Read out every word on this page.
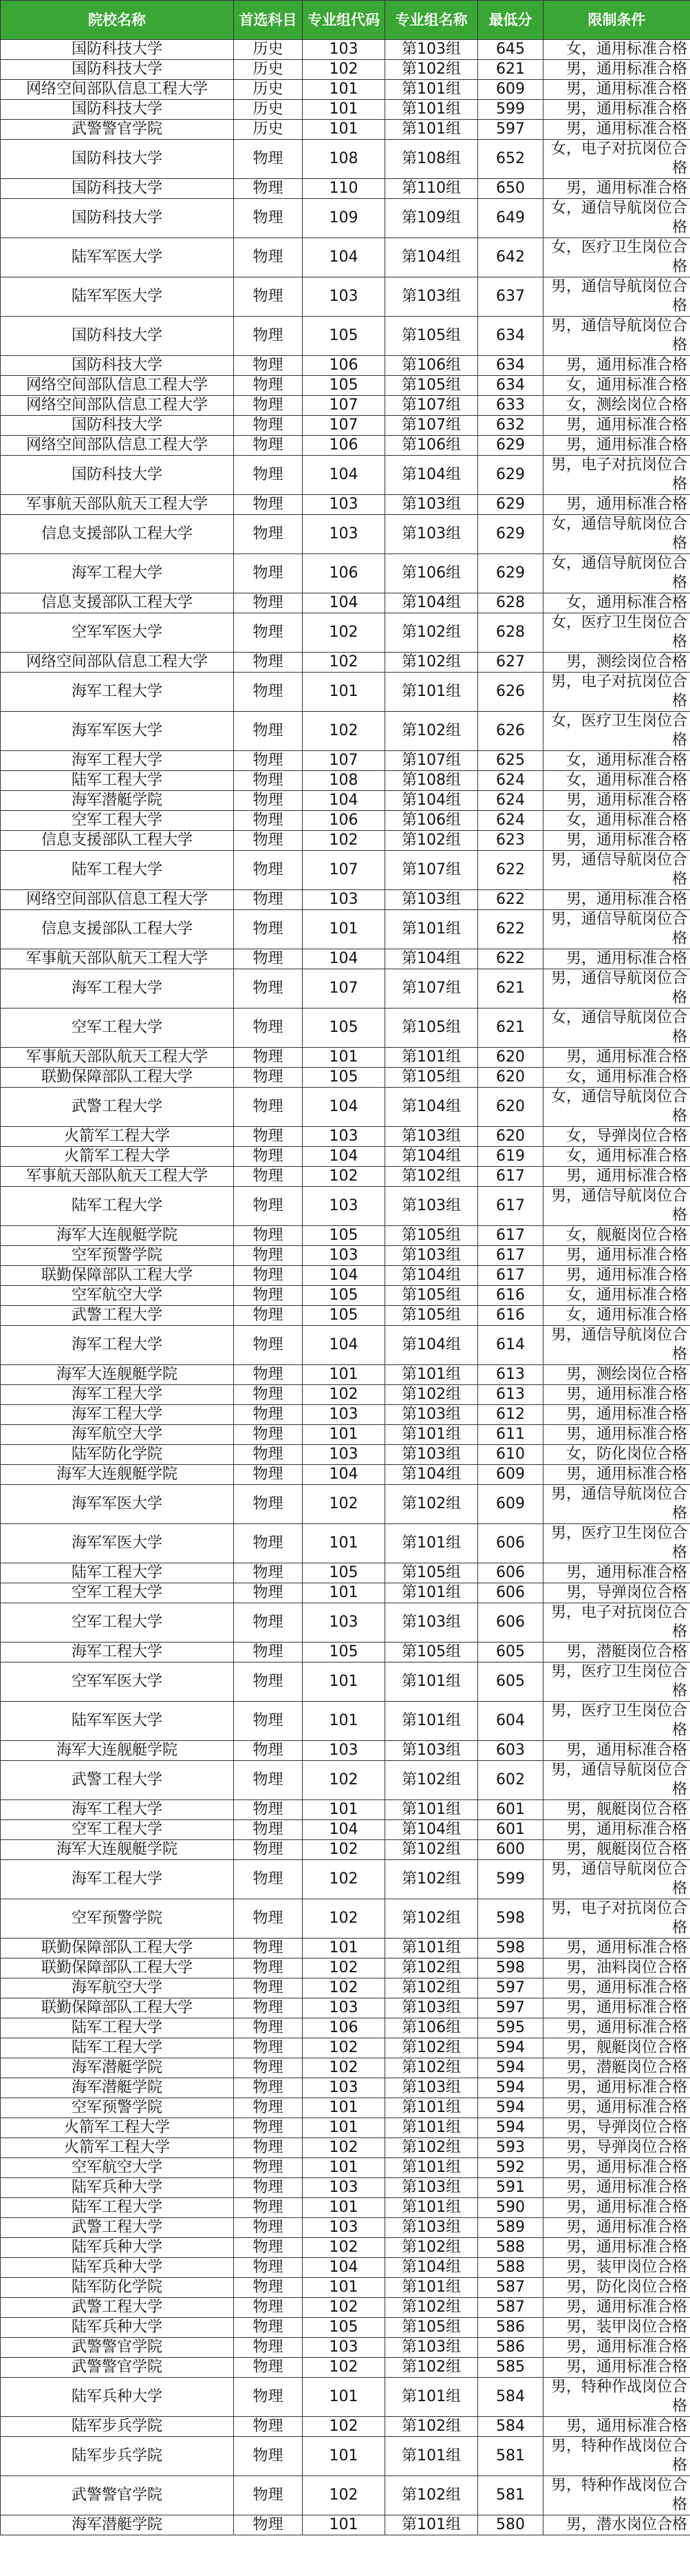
院校名称	首选科目	专业组代码	专业组名称	最低分	限制条件
国防科技大学	历史	103	第103组	645	女，通用标准合格
国防科技大学	历史	102	第102组	621	男，通用标准合格
网络空间部队信息工程大学	历史	101	第101组	609	男，通用标准合格
国防科技大学	历史	101	第101组	599	男，通用标准合格
武警警官学院	历史	101	第101组	597	男，通用标准合格
国防科技大学	物理	108	第108组	652	女，电子对抗岗位合格
国防科技大学	物理	110	第110组	650	男，通用标准合格
国防科技大学	物理	109	第109组	649	女，通信导航岗位合格
陆军军医大学	物理	104	第104组	642	女，医疗卫生岗位合格
陆军军医大学	物理	103	第103组	637	男，通信导航岗位合格
国防科技大学	物理	105	第105组	634	男，通信导航岗位合格
国防科技大学	物理	106	第106组	634	男，通用标准合格
网络空间部队信息工程大学	物理	105	第105组	634	女，通用标准合格
网络空间部队信息工程大学	物理	107	第107组	633	女，测绘岗位合格
国防科技大学	物理	107	第107组	632	男，通用标准合格
网络空间部队信息工程大学	物理	106	第106组	629	男，通用标准合格
国防科技大学	物理	104	第104组	629	男，电子对抗岗位合格
军事航天部队航天工程大学	物理	103	第103组	629	男，通用标准合格
信息支援部队工程大学	物理	103	第103组	629	女，通信导航岗位合格
海军工程大学	物理	106	第106组	629	女，通信导航岗位合格
信息支援部队工程大学	物理	104	第104组	628	女，通用标准合格
空军军医大学	物理	102	第102组	628	女，医疗卫生岗位合格
网络空间部队信息工程大学	物理	102	第102组	627	男，测绘岗位合格
海军工程大学	物理	101	第101组	626	男，电子对抗岗位合格
海军军医大学	物理	102	第102组	626	女，医疗卫生岗位合格
海军工程大学	物理	107	第107组	625	女，通用标准合格
陆军工程大学	物理	108	第108组	624	女，通用标准合格
海军潜艇学院	物理	104	第104组	624	男，通用标准合格
空军工程大学	物理	106	第106组	624	女，通用标准合格
信息支援部队工程大学	物理	102	第102组	623	男，通用标准合格
陆军工程大学	物理	107	第107组	622	男，通信导航岗位合格
网络空间部队信息工程大学	物理	103	第103组	622	男，通用标准合格
信息支援部队工程大学	物理	101	第101组	622	男，通信导航岗位合格
军事航天部队航天工程大学	物理	104	第104组	622	男，通用标准合格
海军工程大学	物理	107	第107组	621	男，通信导航岗位合格
空军工程大学	物理	105	第105组	621	女，通信导航岗位合格
军事航天部队航天工程大学	物理	101	第101组	620	男，通用标准合格
联勤保障部队工程大学	物理	105	第105组	620	女，通用标准合格
武警工程大学	物理	104	第104组	620	女，通信导航岗位合格
火箭军工程大学	物理	103	第103组	620	女，导弹岗位合格
火箭军工程大学	物理	104	第104组	619	女，通用标准合格
军事航天部队航天工程大学	物理	102	第102组	617	男，通用标准合格
陆军工程大学	物理	103	第103组	617	男，通信导航岗位合格
海军大连舰艇学院	物理	105	第105组	617	女，舰艇岗位合格
空军预警学院	物理	103	第103组	617	男，通用标准合格
联勤保障部队工程大学	物理	104	第104组	617	男，通用标准合格
空军航空大学	物理	105	第105组	616	女，通用标准合格
武警工程大学	物理	105	第105组	616	女，通用标准合格
海军工程大学	物理	104	第104组	614	男，通信导航岗位合格
海军大连舰艇学院	物理	101	第101组	613	男，测绘岗位合格
海军工程大学	物理	102	第102组	613	男，通用标准合格
海军工程大学	物理	103	第103组	612	男，通用标准合格
海军航空大学	物理	101	第101组	611	男，通用标准合格
陆军防化学院	物理	103	第103组	610	女，防化岗位合格
海军大连舰艇学院	物理	104	第104组	609	男，通用标准合格
海军军医大学	物理	102	第102组	609	男，通信导航岗位合格
海军军医大学	物理	101	第101组	606	男，医疗卫生岗位合格
陆军工程大学	物理	105	第105组	606	男，通用标准合格
空军工程大学	物理	101	第101组	606	男，导弹岗位合格
空军工程大学	物理	103	第103组	606	男，电子对抗岗位合格
海军工程大学	物理	105	第105组	605	男，潜艇岗位合格
空军军医大学	物理	101	第101组	605	男，医疗卫生岗位合格
陆军军医大学	物理	101	第101组	604	男，医疗卫生岗位合格
海军大连舰艇学院	物理	103	第103组	603	男，通用标准合格
武警工程大学	物理	102	第102组	602	男，通信导航岗位合格
海军工程大学	物理	101	第101组	601	男，舰艇岗位合格
空军工程大学	物理	104	第104组	601	男，通用标准合格
海军大连舰艇学院	物理	102	第102组	600	男，舰艇岗位合格
海军工程大学	物理	102	第102组	599	男，通信导航岗位合格
空军预警学院	物理	102	第102组	598	男，电子对抗岗位合格
联勤保障部队工程大学	物理	101	第101组	598	男，通用标准合格
联勤保障部队工程大学	物理	102	第102组	598	男，油料岗位合格
海军航空大学	物理	102	第102组	597	男，通用标准合格
联勤保障部队工程大学	物理	103	第103组	597	男，通用标准合格
陆军工程大学	物理	106	第106组	595	男，通用标准合格
陆军工程大学	物理	102	第102组	594	男，舰艇岗位合格
海军潜艇学院	物理	102	第102组	594	男，潜艇岗位合格
海军潜艇学院	物理	103	第103组	594	男，通用标准合格
空军预警学院	物理	101	第101组	594	男，通用标准合格
火箭军工程大学	物理	101	第101组	594	男，导弹岗位合格
火箭军工程大学	物理	102	第102组	593	男，导弹岗位合格
空军航空大学	物理	101	第101组	592	男，通用标准合格
陆军兵种大学	物理	103	第103组	591	男，通用标准合格
陆军工程大学	物理	101	第101组	590	男，通用标准合格
武警工程大学	物理	103	第103组	589	男，通用标准合格
陆军兵种大学	物理	102	第102组	588	男，通用标准合格
陆军兵种大学	物理	104	第104组	588	男，装甲岗位合格
陆军防化学院	物理	101	第101组	587	男，防化岗位合格
武警工程大学	物理	102	第102组	587	男，通用标准合格
陆军兵种大学	物理	105	第105组	586	男，装甲岗位合格
武警警官学院	物理	103	第103组	586	男，通用标准合格
武警警官学院	物理	102	第102组	585	男，通用标准合格
陆军兵种大学	物理	101	第101组	584	男，特种作战岗位合格
陆军步兵学院	物理	102	第102组	584	男，通用标准合格
陆军步兵学院	物理	101	第101组	581	男，特种作战岗位合格
武警警官学院	物理	102	第102组	581	男，特种作战岗位合格
海军潜艇学院	物理	101	第101组	580	男，潜水岗位合格
